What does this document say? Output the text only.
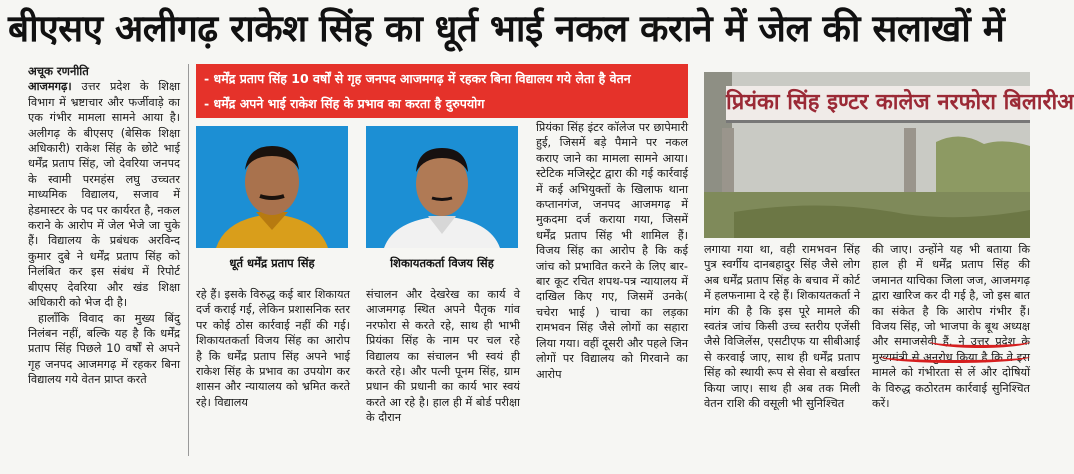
बीएसए अलीगढ़ राकेश सिंह का धूर्त भाई नकल कराने में जेल की सलाखों में

अचूक रणनीति

आजमगढ़। उत्तर प्रदेश के शिक्षा विभाग में भ्रष्टाचार और फर्जीवाड़े का एक गंभीर मामला सामने आया है। अलीगढ़ के बीएसए (बेसिक शिक्षा अधिकारी) राकेश सिंह के छोटे भाई धर्मेंद्र प्रताप सिंह, जो देवरिया जनपद के स्वामी परमहंस लघु उच्चतर माध्यमिक विद्यालय, सजाव में हेडमास्टर के पद पर कार्यरत है, नकल कराने के आरोप में जेल भेजे जा चुके हैं। विद्यालय के प्रबंधक अरविन्द कुमार दुबे ने धर्मेंद्र प्रताप सिंह को निलंबित कर इस संबंध में रिपोर्ट बीएसए देवरिया और खंड शिक्षा अधिकारी को भेज दी है।

हालाँकि विवाद का मुख्य बिंदु निलंबन नहीं, बल्कि यह है कि धर्मेंद्र प्रताप सिंह पिछले 10 वर्षों से अपने गृह जनपद आजमगढ़ में रहकर बिना विद्यालय गये वेतन प्राप्त करते

- धर्मेंद्र प्रताप सिंह 10 वर्षों से गृह जनपद आजमगढ़ में रहकर बिना विद्यालय गये लेता है वेतन
- धर्मेंद्र अपने भाई राकेश सिंह के प्रभाव का करता है दुरुपयोग
धूर्त धर्मेंद्र प्रताप सिंह	शिकायतकर्ता विजय सिंह

रहे हैं। इसके विरुद्ध कई बार शिकायत दर्ज कराई गई, लेकिन प्रशासनिक स्तर पर कोई ठोस कार्रवाई नहीं की गई। शिकायतकर्ता विजय सिंह का आरोप है कि धर्मेंद्र प्रताप सिंह अपने भाई राकेश सिंह के प्रभाव का उपयोग कर शासन और न्यायालय को भ्रमित करते रहे। विद्यालय

संचालन और देखरेख का कार्य वे आजमगढ़ स्थित अपने पैतृक गांव नरफोरा से करते रहे, साथ ही भाभी प्रियंका सिंह के नाम पर चल रहे विद्यालय का संचालन भी स्वयं ही करते रहे। और पत्नी पूनम सिंह, ग्राम प्रधान की प्रधानी का कार्य भार स्वयं करते आ रहे है। हाल ही में बोर्ड परीक्षा के दौरान

प्रियंका सिंह इंटर कॉलेज पर छापेमारी हुई, जिसमें बड़े पैमाने पर नकल कराए जाने का मामला सामने आया। स्टेटिक मजिस्ट्रेट द्वारा की गई कार्रवाई में कई अभियुक्तों के खिलाफ थाना कप्तानगंज, जनपद आजमगढ़ में मुकदमा दर्ज कराया गया, जिसमें धर्मेंद्र प्रताप सिंह भी शामिल हैं। विजय सिंह का आरोप है कि कई जांच को प्रभावित करने के लिए बार-बार कूट रचित शपथ-पत्र न्यायालय में दाखिल किए गए, जिसमें उनके( चचेरा भाई ) चाचा का लड़का रामभवन सिंह जैसे लोगों का सहारा लिया गया। वहीं दूसरी और पहले जिन लोगों पर विद्यालय को गिरवाने का आरोप

प्रियंका सिंह इण्टर कालेज नरफोरा बिलारीअ

लगाया गया था, वही रामभवन सिंह पुत्र स्वर्गीय दानबहादुर सिंह जैसे लोग अब धर्मेंद्र प्रताप सिंह के बचाव में कोर्ट में हलफनामा दे रहे हैं। शिकायतकर्ता ने मांग की है कि इस पूरे मामले की स्वतंत्र जांच किसी उच्च स्तरीय एजेंसी जैसे विजिलेंस, एसटीएफ या सीबीआई से करवाई जाए, साथ ही धर्मेंद्र प्रताप सिंह को स्थायी रूप से सेवा से बर्खास्त किया जाए। साथ ही अब तक मिली वेतन राशि की वसूली भी सुनिश्चित

की जाए। उन्होंने यह भी बताया कि हाल ही में धर्मेंद्र प्रताप सिंह की जमानत याचिका जिला जज, आजमगढ़ द्वारा खारिज कर दी गई है, जो इस बात का संकेत है कि आरोप गंभीर हैं। विजय सिंह, जो भाजपा के बूथ अध्यक्ष और समाजसेवी हैं, ने उत्तर प्रदेश के मुख्यमंत्री से अनुरोध किया है कि वे इस मामले को गंभीरता से लें और दोषियों के विरुद्ध कठोरतम कार्रवाई सुनिश्चित करें।
